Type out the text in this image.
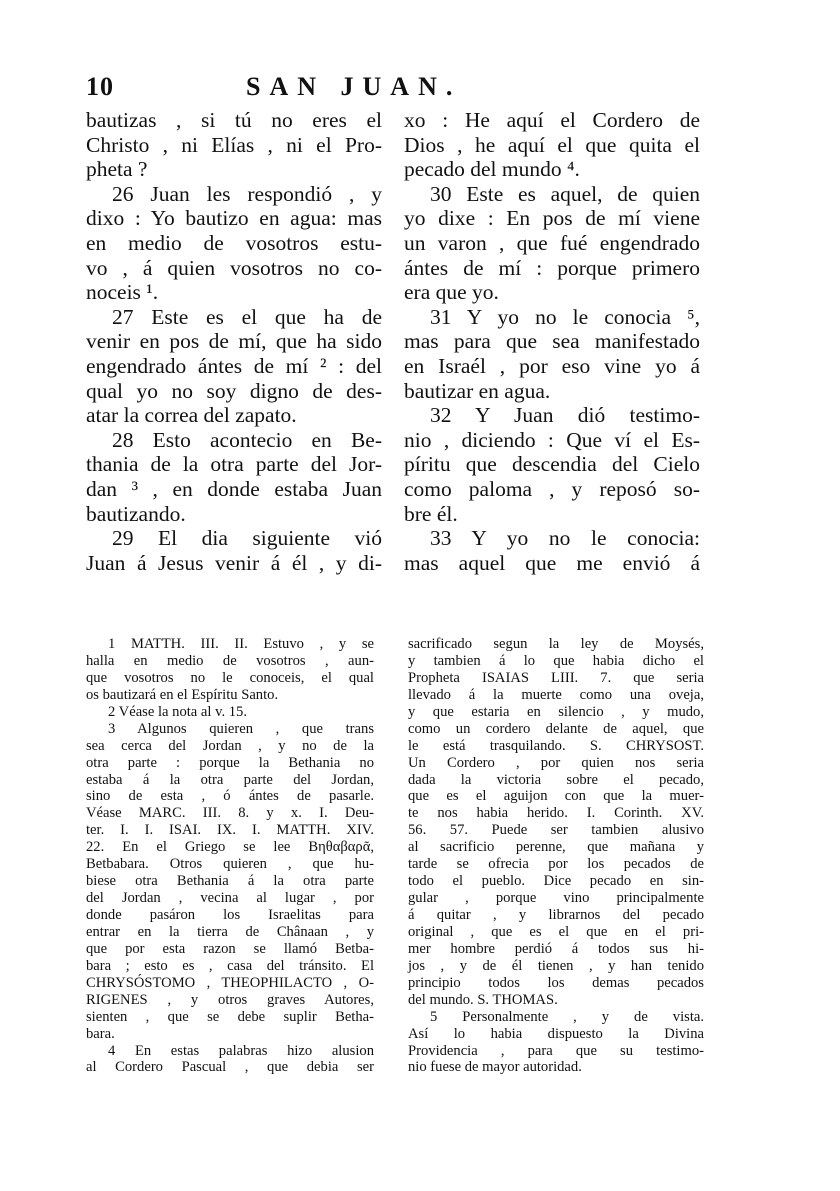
10	SAN JUAN.
bautizas , si tú no eres el
Christo , ni Elías , ni el Pro-
pheta ?
26 Juan les respondió , y
dixo : Yo bautizo en agua: mas
en medio de vosotros estu-
vo , á quien vosotros no co-
noceis ¹.
27 Este es el que ha de
venir en pos de mí, que ha sido
engendrado ántes de mí ² : del
qual yo no soy digno de des-
atar la correa del zapato.
28 Esto acontecio en Be-
thania de la otra parte del Jor-
dan ³ , en donde estaba Juan
bautizando.
29 El dia siguiente vió
Juan á Jesus venir á él , y di-
xo : He aquí el Cordero de
Dios , he aquí el que quita el
pecado del mundo ⁴.
30 Este es aquel, de quien
yo dixe : En pos de mí viene
un varon , que fué engendrado
ántes de mí : porque primero
era que yo.
31 Y yo no le conocia ⁵,
mas para que sea manifestado
en Israél , por eso vine yo á
bautizar en agua.
32 Y Juan dió testimo-
nio , diciendo : Que ví el Es-
píritu que descendia del Cielo
como paloma , y reposó so-
bre él.
33 Y yo no le conocia:
mas aquel que me envió á
1 MATTH. III. II. Estuvo , y se
halla en medio de vosotros , aun-
que vosotros no le conoceis, el qual
os bautizará en el Espíritu Santo.
2 Véase la nota al v. 15.
3 Algunos quieren , que trans
sea cerca del Jordan , y no de la
otra parte : porque la Bethania no
estaba á la otra parte del Jordan,
sino de esta , ó ántes de pasarle.
Véase MARC. III. 8. y x. I. Deu-
ter. I. I. ISAI. IX. I. MATTH. XIV.
22. En el Griego se lee Βηθαβαρᾶ,
Betbabara. Otros quieren , que hu-
biese otra Bethania á la otra parte
del Jordan , vecina al lugar , por
donde pasáron los Israelitas para
entrar en la tierra de Chânaan , y
que por esta razon se llamó Betba-
bara ; esto es , casa del tránsito. El
CHRYSÓSTOMO , THEOPHILACTO , O-
RIGENES , y otros graves Autores,
sienten , que se debe suplir Betha-
bara.
4 En estas palabras hizo alusion
al Cordero Pascual , que debia ser
sacrificado segun la ley de Moysés,
y tambien á lo que habia dicho el
Propheta ISAIAS LIII. 7. que seria
llevado á la muerte como una oveja,
y que estaria en silencio , y mudo,
como un cordero delante de aquel, que
le está trasquilando. S. CHRYSOST.
Un Cordero , por quien nos seria
dada la victoria sobre el pecado,
que es el aguijon con que la muer-
te nos habia herido. I. Corinth. XV.
56. 57. Puede ser tambien alusivo
al sacrificio perenne, que mañana y
tarde se ofrecia por los pecados de
todo el pueblo. Dice pecado en sin-
gular , porque vino principalmente
á quitar , y librarnos del pecado
original , que es el que en el pri-
mer hombre perdió á todos sus hi-
jos , y de él tienen , y han tenido
principio todos los demas pecados
del mundo. S. THOMAS.
5 Personalmente , y de vista.
Así lo habia dispuesto la Divina
Providencia , para que su testimo-
nio fuese de mayor autoridad.
